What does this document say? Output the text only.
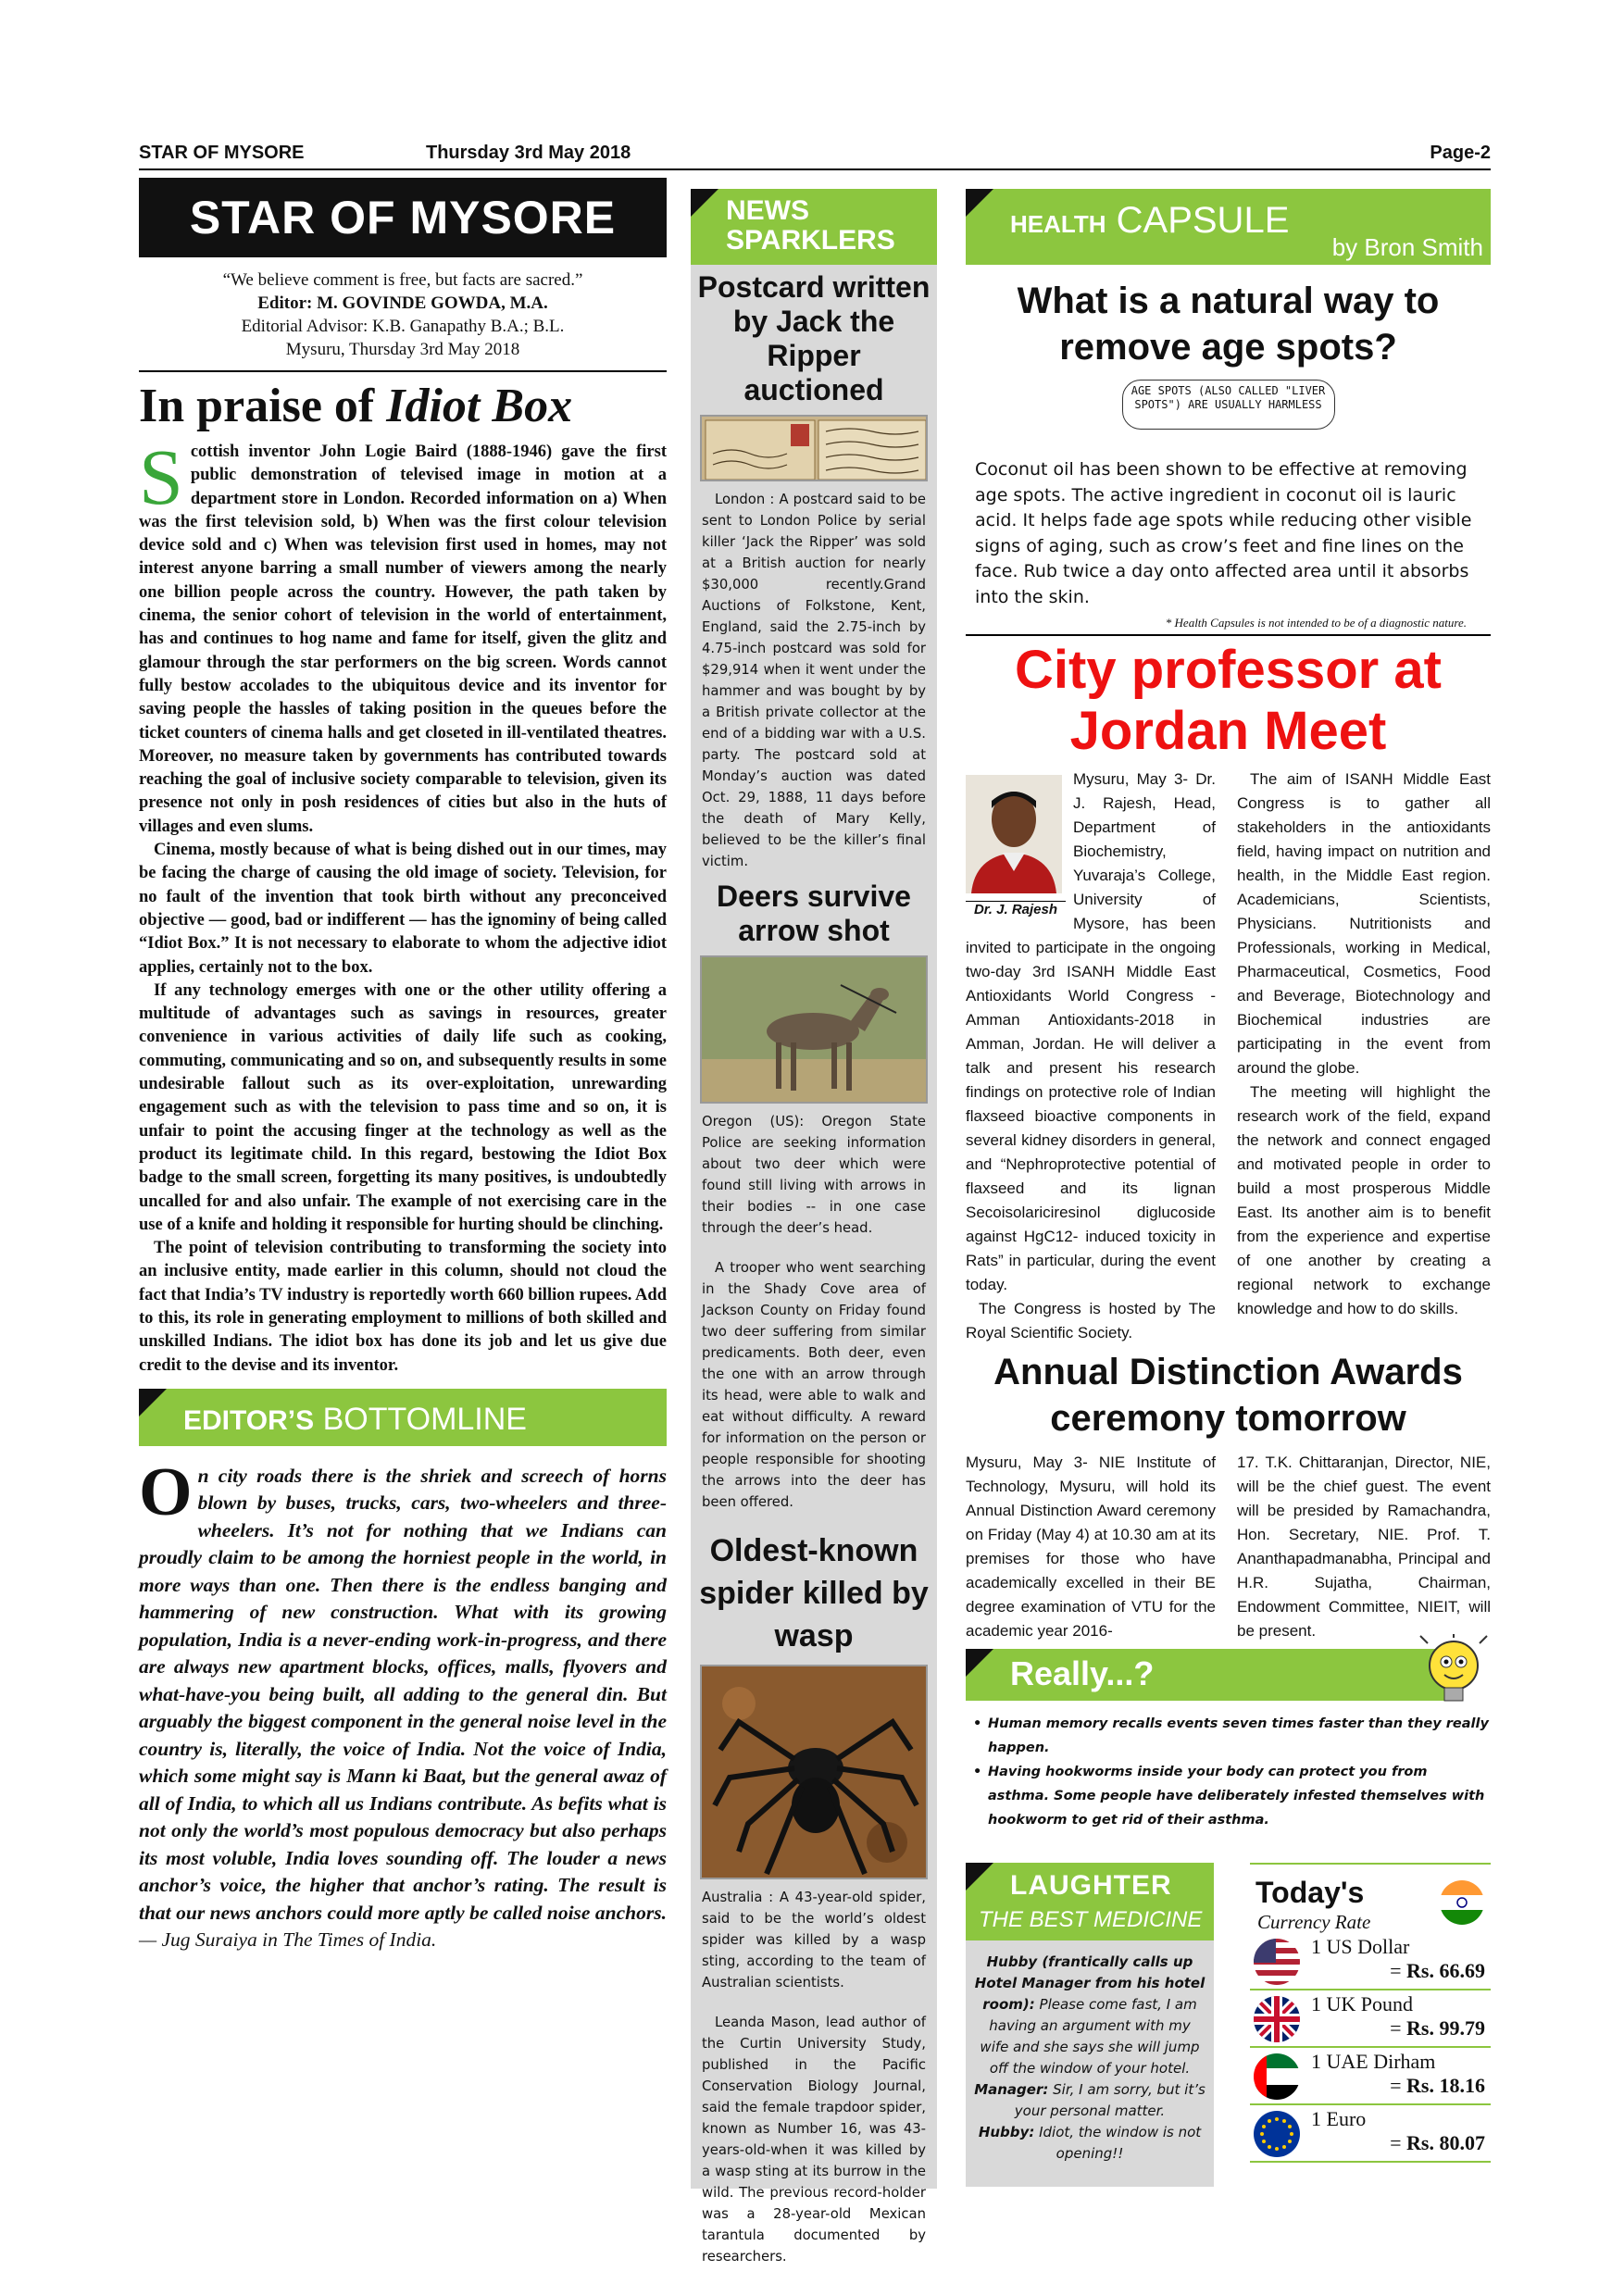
STAR OF MYSORE	Thursday 3rd May 2018	Page-2
STAR OF MYSORE
“We believe comment is free, but facts are sacred.”
Editor: M. GOVINDE GOWDA, M.A.
Editorial Advisor: K.B. Ganapathy B.A.; B.L.
Mysuru, Thursday 3rd May 2018
In praise of Idiot Box

Scottish inventor John Logie Baird (1888-1946) gave the first public demonstration of televised image in motion at a department store in London. Recorded information on a) When was the first television sold, b) When was the first colour television device sold and c) When was television first used in homes, may not interest anyone barring a small number of viewers among the nearly one billion people across the country. However, the path taken by cinema, the senior cohort of television in the world of entertainment, has and continues to hog name and fame for itself, given the glitz and glamour through the star performers on the big screen. Words cannot fully bestow accolades to the ubiquitous device and its inventor for saving people the hassles of taking position in the queues before the ticket counters of cinema halls and get closeted in ill-ventilated theatres. Moreover, no measure taken by governments has contributed towards reaching the goal of inclusive society comparable to television, given its presence not only in posh residences of cities but also in the huts of villages and even slums.

Cinema, mostly because of what is being dished out in our times, may be facing the charge of causing the old image of society. Television, for no fault of the invention that took birth without any preconceived objective — good, bad or indifferent — has the ignominy of being called “Idiot Box.” It is not necessary to elaborate to whom the adjective idiot applies, certainly not to the box.

If any technology emerges with one or the other utility offering a multitude of advantages such as savings in resources, greater convenience in various activities of daily life such as cooking, commuting, communicating and so on, and subsequently results in some undesirable fallout such as its over-exploitation, unrewarding engagement such as with the television to pass time and so on, it is unfair to point the accusing finger at the technology as well as the product its legitimate child. In this regard, bestowing the Idiot Box badge to the small screen, forgetting its many positives, is undoubtedly uncalled for and also unfair. The example of not exercising care in the use of a knife and holding it responsible for hurting should be clinching.

The point of television contributing to transforming the society into an inclusive entity, made earlier in this column, should not cloud the fact that India’s TV industry is reportedly worth 660 billion rupees. Add to this, its role in generating employment to millions of both skilled and unskilled Indians. The idiot box has done its job and let us give due credit to the devise and its inventor.

EDITOR’S BOTTOMLINE
On city roads there is the shriek and screech of horns blown by buses, trucks, cars, two-wheelers and three-wheelers. It’s not for nothing that we Indians can proudly claim to be among the horniest people in the world, in more ways than one. Then there is the endless banging and hammering of new construction. What with its growing population, India is a never-ending work-in-progress, and there are always new apartment blocks, offices, malls, flyovers and what-have-you being built, all adding to the general din. But arguably the biggest component in the general noise level in the country is, literally, the voice of India. Not the voice of India, which some might say is Mann ki Baat, but the general awaz of all of India, to which all us Indians contribute. As befits what is not only the world’s most populous democracy but also perhaps its most voluble, India loves sounding off. The louder a news anchor’s voice, the higher that anchor’s rating. The result is that our news anchors could more aptly be called noise anchors. — Jug Suraiya in The Times of India.
NEWS
SPARKLERS
Postcard written by Jack the Ripper auctioned

London : A postcard said to be sent to London Police by serial killer ‘Jack the Ripper’ was sold at a British auction for nearly $30,000 recently.Grand Auctions of Folkstone, Kent, England, said the 2.75-inch by 4.75-inch postcard was sold for $29,914 when it went under the hammer and was bought by by a British private collector at the end of a bidding war with a U.S. party. The postcard sold at Monday’s auction was dated Oct. 29, 1888, 11 days before the death of Mary Kelly, believed to be the killer’s final victim.

Deers survive arrow shot

Oregon (US): Oregon State Police are seeking information about two deer which were found still living with arrows in their bodies -- in one case through the deer’s head.

A trooper who went searching in the Shady Cove area of Jackson County on Friday found two deer suffering from similar predicaments. Both deer, even the one with an arrow through its head, were able to walk and eat without difficulty. A reward for information on the person or people responsible for shooting the arrows into the deer has been offered.

Oldest-known spider killed by wasp

Australia : A 43-year-old spider, said to be the world’s oldest spider was killed by a wasp sting, according to the team of Australian scientists.

Leanda Mason, lead author of the Curtin University Study, published in the Pacific Conservation Biology Journal, said the female trapdoor spider, known as Number 16, was 43-years-old-when it was killed by a wasp sting at its burrow in the wild. The previous record-holder was a 28-year-old Mexican tarantula documented by researchers.

HEALTH CAPSULE
by Bron Smith
What is a natural way to remove age spots?
AGE SPOTS (ALSO CALLED "LIVER SPOTS") ARE USUALLY HARMLESS
Coconut oil has been shown to be effective at removing age spots. The active ingredient in coconut oil is lauric acid. It helps fade age spots while reducing other visible signs of aging, such as crow’s feet and fine lines on the face. Rub twice a day onto affected area until it absorbs into the skin.
* Health Capsules is not intended to be of a diagnostic nature.
City professor at Jordan Meet
Dr. J. Rajesh

Mysuru, May 3- Dr. J. Rajesh, Head, Department of Biochemistry, Yuvaraja’s College, University of Mysore, has been invited to participate in the ongoing two-day 3rd ISANH Middle East Antioxidants World Congress - Amman Antioxidants-2018 in Amman, Jordan. He will deliver a talk and present his research findings on protective role of Indian flaxseed bioactive components in several kidney disorders in general, and “Nephroprotective potential of flaxseed and its lignan Secoisolariciresinol diglucoside against HgC12- induced toxicity in Rats” in particular, during the event today.

The Congress is hosted by The Royal Scientific Society.

The aim of ISANH Middle East Congress is to gather all stakeholders in the antioxidants field, having impact on nutrition and health, in the Middle East region. Academicians, Scientists, Physicians. Nutritionists and Professionals, working in Medical, Pharmaceutical, Cosmetics, Food and Beverage, Biotechnology and Biochemical industries are participating in the event from around the globe.

The meeting will highlight the research work of the field, expand the network and connect engaged and motivated people in order to build a most prosperous Middle East. Its another aim is to benefit from the experience and expertise of one another by creating a regional network to exchange knowledge and how to do skills.

Annual Distinction Awards ceremony tomorrow
Mysuru, May 3- NIE Institute of Technology, Mysuru, will hold its Annual Distinction Award ceremony on Friday (May 4) at 10.30 am at its premises for those who have academically excelled in their BE degree examination of VTU for the academic year 2016-
17. T.K. Chittaranjan, Director, NIE, will be the chief guest. The event will be presided by Ramachandra, Hon. Secretary, NIE. Prof. T. Ananthapadmanabha, Principal and H.R. Sujatha, Chairman, Endowment Committee, NIEIT, will be present.
Really...?
• Human memory recalls events seven times faster than they really happen.
• Having hookworms inside your body can protect you from asthma. Some people have deliberately infested themselves with hookworm to get rid of their asthma.
LAUGHTER
THE BEST MEDICINE
Hubby (frantically calls up Hotel Manager from his hotel room): Please come fast, I am having an argument with my wife and she says she will jump off the window of your hotel.
Manager: Sir, I am sorry, but it’s your personal matter.
Hubby: Idiot, the window is not opening!!
Today's
Currency Rate
1 US Dollar
= Rs. 66.69
1 UK Pound
= Rs. 99.79
1 UAE Dirham
= Rs. 18.16
1 Euro
= Rs. 80.07
